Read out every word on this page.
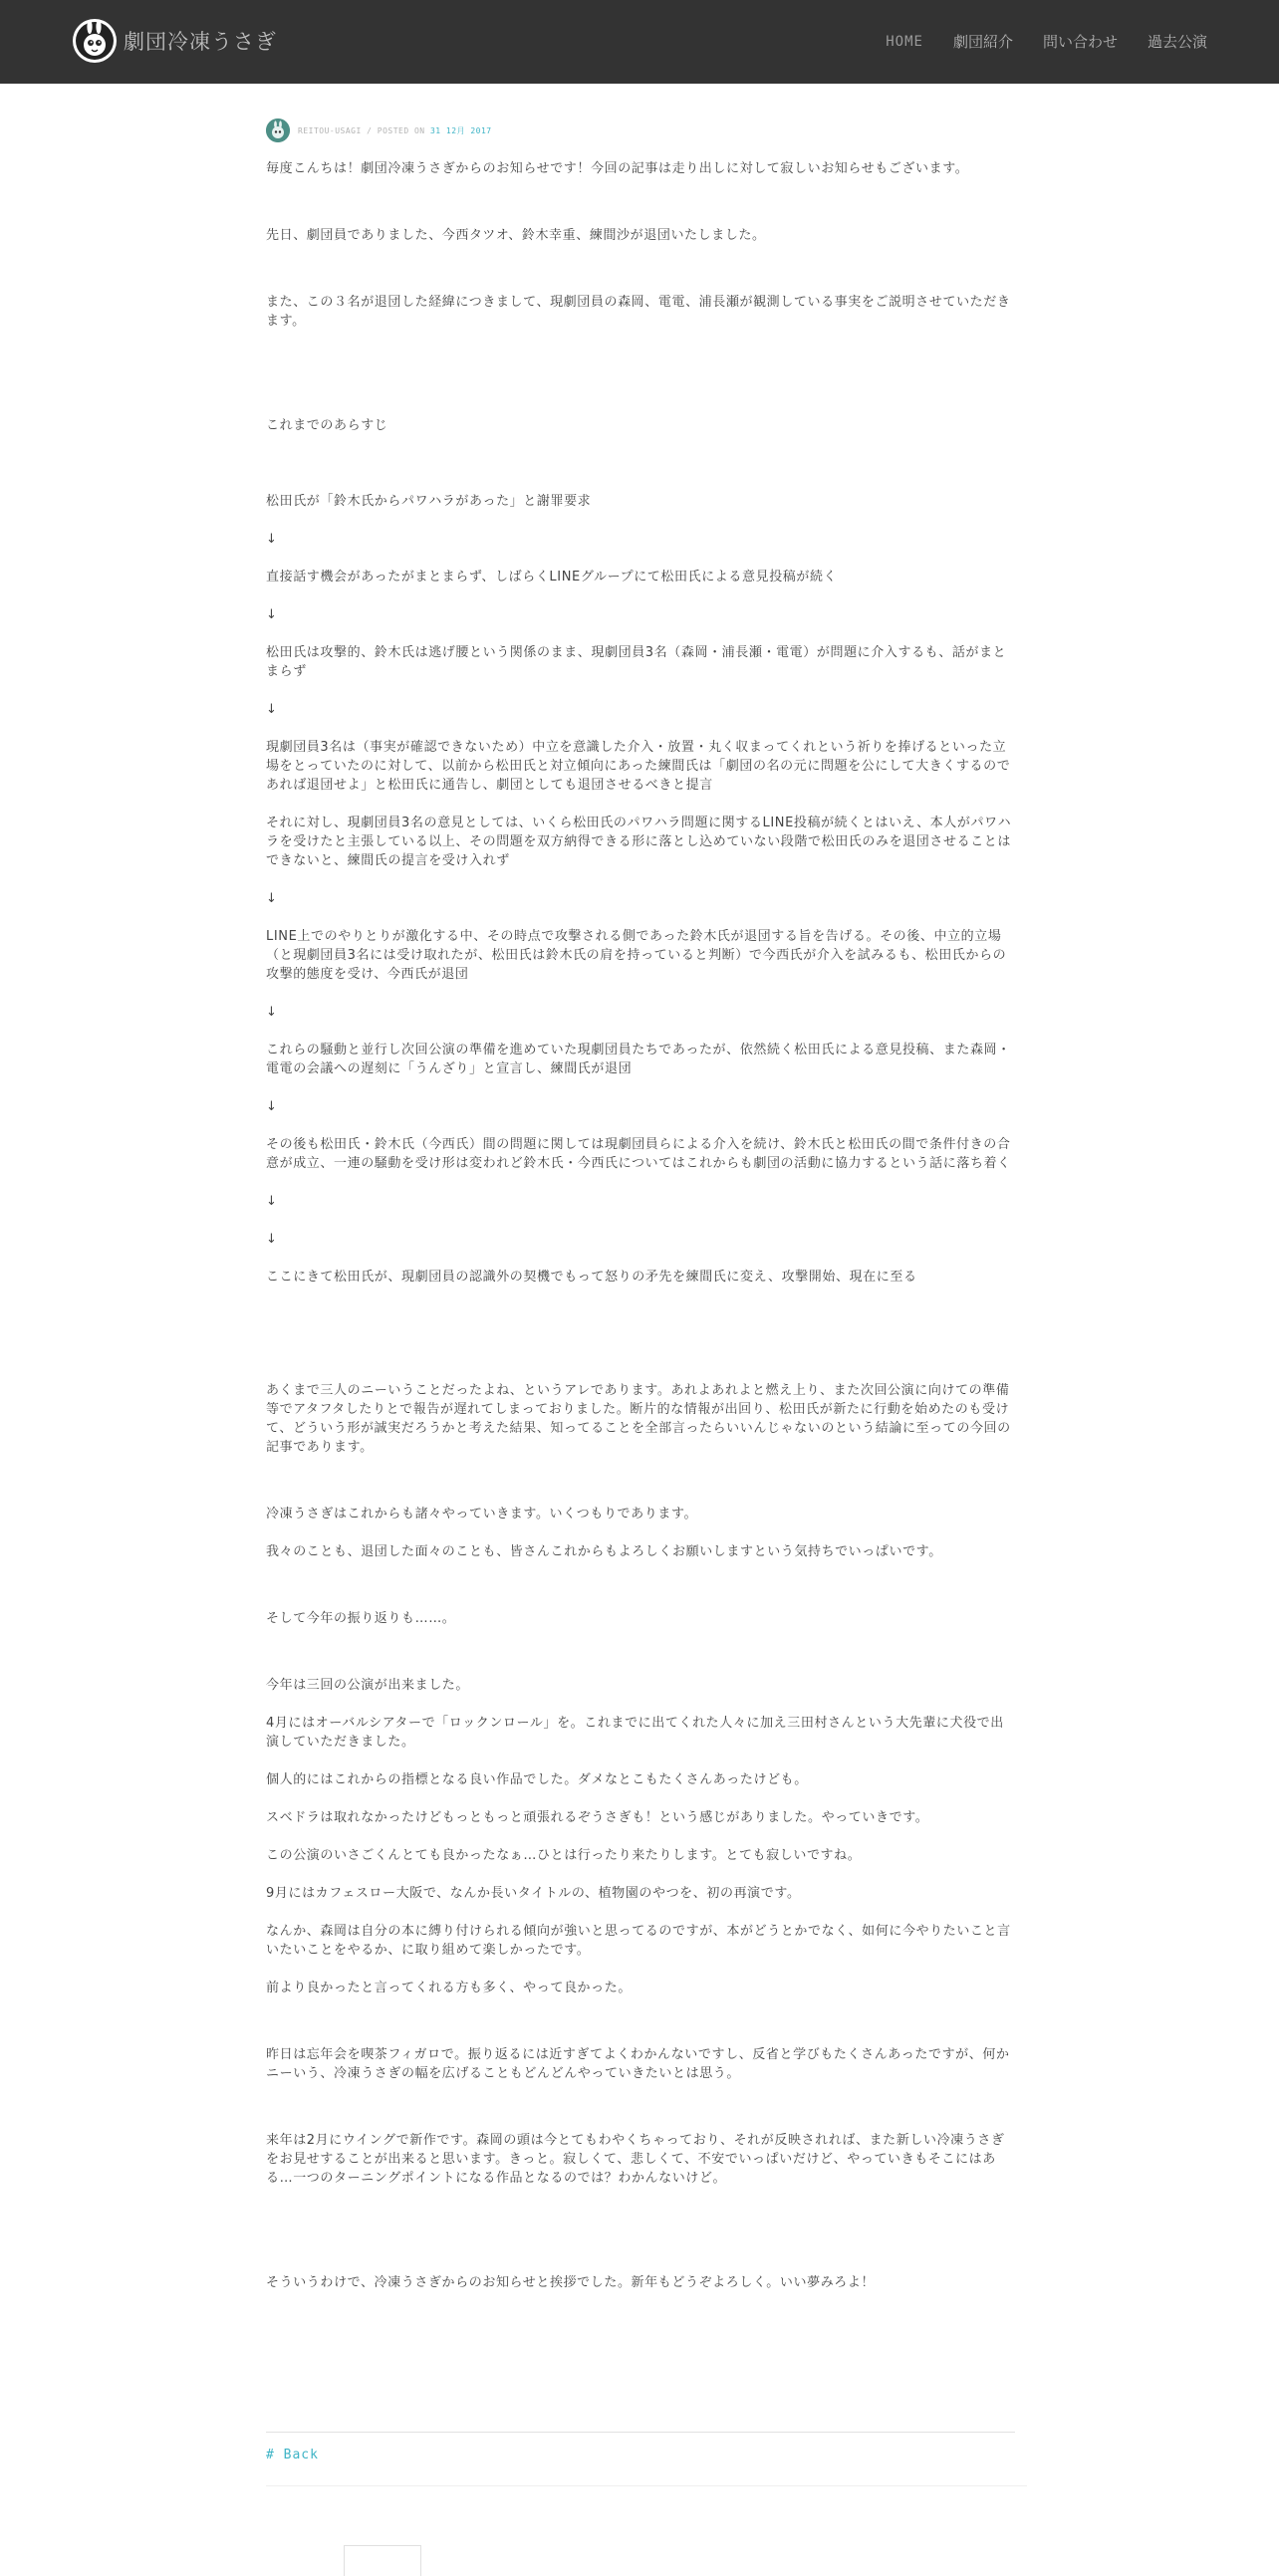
劇団冷凍うさぎ	HOME 劇団紹介 問い合わせ 過去公演
REITOU-USAGI / POSTED ON 31 12月 2017

毎度こんちは！劇団冷凍うさぎからのお知らせです！今回の記事は走り出しに対して寂しいお知らせもございます。

先日、劇団員でありました、今西タツオ、鈴木幸重、練間沙が退団いたしました。

また、この３名が退団した経緯につきまして、現劇団員の森岡、電電、浦長瀬が観測している事実をご説明させていただきます。

これまでのあらすじ

松田氏が「鈴木氏からパワハラがあった」と謝罪要求

↓

直接話す機会があったがまとまらず、しばらくLINEグループにて松田氏による意見投稿が続く

↓

松田氏は攻撃的、鈴木氏は逃げ腰という関係のまま、現劇団員3名（森岡・浦長瀬・電電）が問題に介入するも、話がまとまらず

↓

現劇団員3名は（事実が確認できないため）中立を意識した介入・放置・丸く収まってくれという祈りを捧げるといった立場をとっていたのに対して、以前から松田氏と対立傾向にあった練間氏は「劇団の名の元に問題を公にして大きくするのであれば退団せよ」と松田氏に通告し、劇団としても退団させるべきと提言

それに対し、現劇団員3名の意見としては、いくら松田氏のパワハラ問題に関するLINE投稿が続くとはいえ、本人がパワハラを受けたと主張している以上、その問題を双方納得できる形に落とし込めていない段階で松田氏のみを退団させることはできないと、練間氏の提言を受け入れず

↓

LINE上でのやりとりが激化する中、その時点で攻撃される側であった鈴木氏が退団する旨を告げる。その後、中立的立場（と現劇団員3名には受け取れたが、松田氏は鈴木氏の肩を持っていると判断）で今西氏が介入を試みるも、松田氏からの攻撃的態度を受け、今西氏が退団

↓

これらの騒動と並行し次回公演の準備を進めていた現劇団員たちであったが、依然続く松田氏による意見投稿、また森岡・電電の会議への遅刻に「うんざり」と宣言し、練間氏が退団

↓

その後も松田氏・鈴木氏（今西氏）間の問題に関しては現劇団員らによる介入を続け、鈴木氏と松田氏の間で条件付きの合意が成立、一連の騒動を受け形は変われど鈴木氏・今西氏についてはこれからも劇団の活動に協力するという話に落ち着く

↓

↓

ここにきて松田氏が、現劇団員の認識外の契機でもって怒りの矛先を練間氏に変え、攻撃開始、現在に至る

あくまで三人のニーいうことだったよね、というアレであります。あれよあれよと燃え上り、また次回公演に向けての準備等でアタフタしたりとで報告が遅れてしまっておりました。断片的な情報が出回り、松田氏が新たに行動を始めたのも受けて、どういう形が誠実だろうかと考えた結果、知ってることを全部言ったらいいんじゃないのという結論に至っての今回の記事であります。

冷凍うさぎはこれからも諸々やっていきます。いくつもりであります。

我々のことも、退団した面々のことも、皆さんこれからもよろしくお願いしますという気持ちでいっぱいです。

そして今年の振り返りも……。

今年は三回の公演が出来ました。

4月にはオーバルシアターで「ロックンロール」を。これまでに出てくれた人々に加え三田村さんという大先輩に犬役で出演していただきました。

個人的にはこれからの指標となる良い作品でした。ダメなとこもたくさんあったけども。

スベドラは取れなかったけどもっともっと頑張れるぞうさぎも！という感じがありました。やっていきです。

この公演のいさごくんとても良かったなぁ…ひとは行ったり来たりします。とても寂しいですね。

9月にはカフェスロー大阪で、なんか長いタイトルの、植物園のやつを、初の再演です。

なんか、森岡は自分の本に縛り付けられる傾向が強いと思ってるのですが、本がどうとかでなく、如何に今やりたいこと言いたいことをやるか、に取り組めて楽しかったです。

前より良かったと言ってくれる方も多く、やって良かった。

昨日は忘年会を喫茶フィガロで。振り返るには近すぎてよくわかんないですし、反省と学びもたくさんあったですが、何かニーいう、冷凍うさぎの幅を広げることもどんどんやっていきたいとは思う。

来年は2月にウイングで新作です。森岡の頭は今とてもわやくちゃっており、それが反映されれば、また新しい冷凍うさぎをお見せすることが出来ると思います。きっと。寂しくて、悲しくて、不安でいっぱいだけど、やっていきもそこにはある…一つのターニングポイントになる作品となるのでは？わかんないけど。

そういうわけで、冷凍うさぎからのお知らせと挨拶でした。新年もどうぞよろしく。いい夢みろよ！

# Back
